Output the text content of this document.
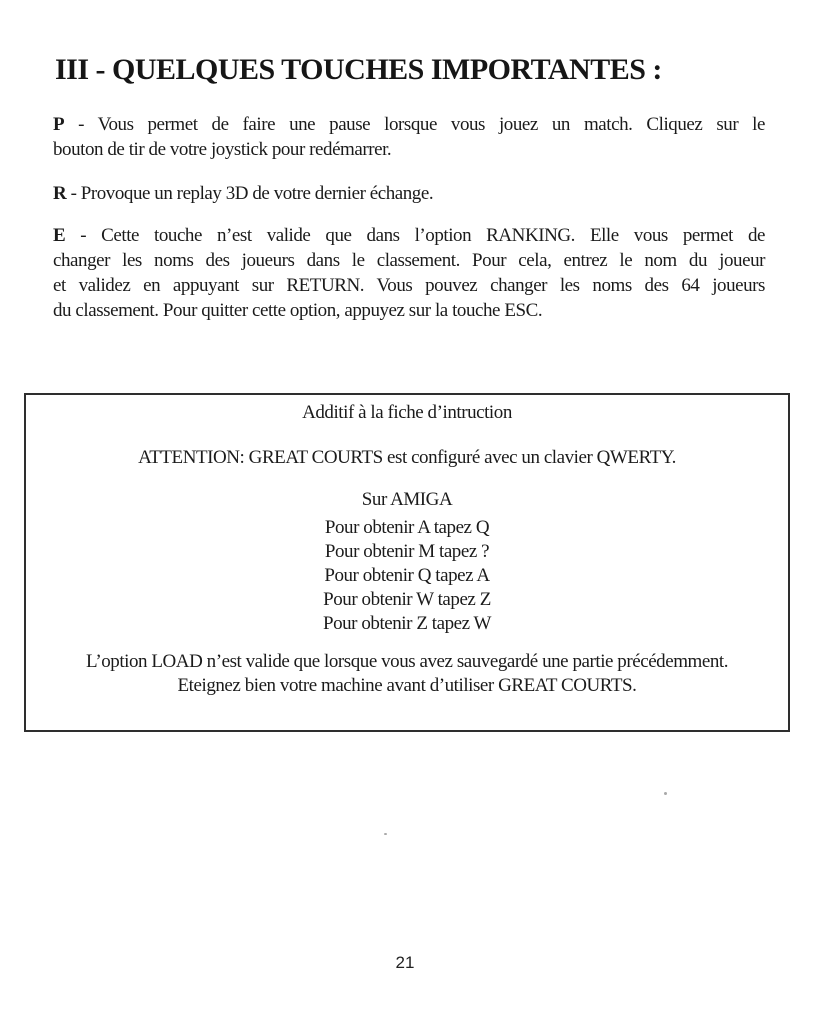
III - QUELQUES TOUCHES IMPORTANTES :

P - Vous permet de faire une pause lorsque vous jouez un match. Cliquez sur le
bouton de tir de votre joystick pour redémarrer.

R - Provoque un replay 3D de votre dernier échange.

E - Cette touche n’est valide que dans l’option RANKING. Elle vous permet de
changer les noms des joueurs dans le classement. Pour cela, entrez le nom du joueur
et validez en appuyant sur RETURN. Vous pouvez changer les noms des 64 joueurs
du classement. Pour quitter cette option, appuyez sur la touche ESC.

Additif à la fiche d’intruction
ATTENTION: GREAT COURTS est configuré avec un clavier QWERTY.
Sur AMIGA
Pour obtenir A tapez Q
Pour obtenir M tapez ?
Pour obtenir Q tapez A
Pour obtenir W tapez Z
Pour obtenir Z tapez W
L’option LOAD n’est valide que lorsque vous avez sauvegardé une partie précédemment.
Eteignez bien votre machine avant d’utiliser GREAT COURTS.
21
